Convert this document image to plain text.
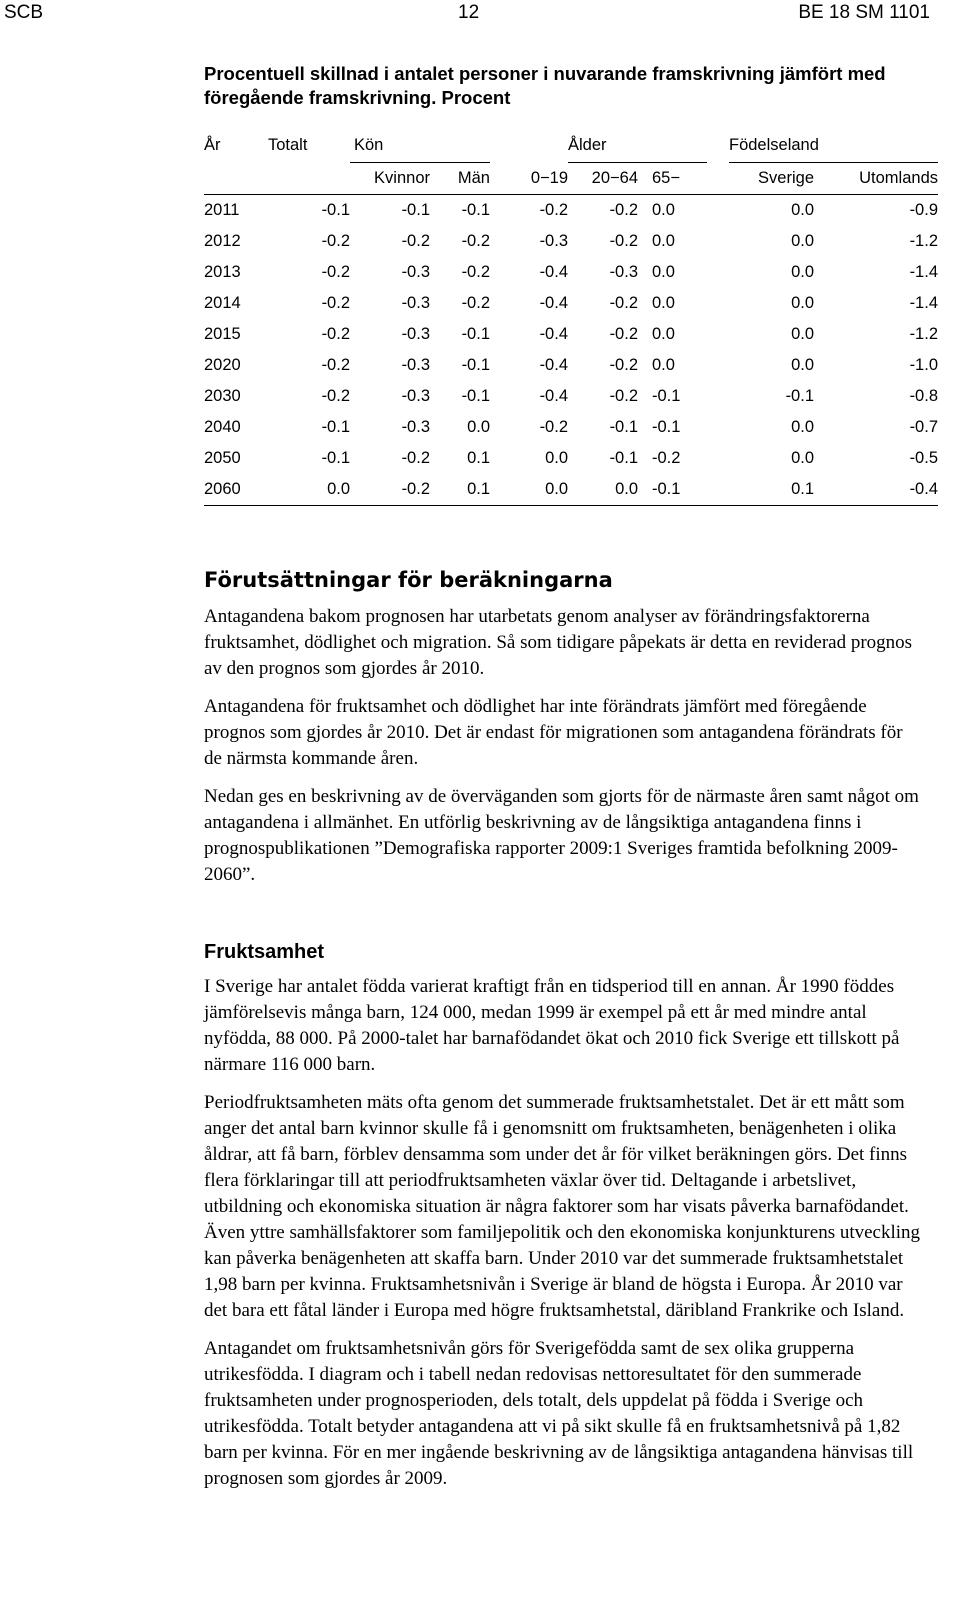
SCB	12	BE 18 SM 1101
Procentuell skillnad i antalet personer i nuvarande framskrivning jämfört med föregående framskrivning. Procent
År	Totalt	Kön			Ålder		Födelseland	
		Kvinnor	Män	0−19	20−64	65−	Sverige	Utomlands
2011	-0.1	-0.1	-0.1	-0.2	-0.2	0.0	0.0	-0.9
2012	-0.2	-0.2	-0.2	-0.3	-0.2	0.0	0.0	-1.2
2013	-0.2	-0.3	-0.2	-0.4	-0.3	0.0	0.0	-1.4
2014	-0.2	-0.3	-0.2	-0.4	-0.2	0.0	0.0	-1.4
2015	-0.2	-0.3	-0.1	-0.4	-0.2	0.0	0.0	-1.2
2020	-0.2	-0.3	-0.1	-0.4	-0.2	0.0	0.0	-1.0
2030	-0.2	-0.3	-0.1	-0.4	-0.2	-0.1	-0.1	-0.8
2040	-0.1	-0.3	0.0	-0.2	-0.1	-0.1	0.0	-0.7
2050	-0.1	-0.2	0.1	0.0	-0.1	-0.2	0.0	-0.5
2060	0.0	-0.2	0.1	0.0	0.0	-0.1	0.1	-0.4
Förutsättningar för beräkningarna

Antagandena bakom prognosen har utarbetats genom analyser av förändringsfaktorerna fruktsamhet, dödlighet och migration. Så som tidigare påpekats är detta en reviderad prognos av den prognos som gjordes år 2010.

Antagandena för fruktsamhet och dödlighet har inte förändrats jämfört med föregående prognos som gjordes år 2010. Det är endast för migrationen som antagandena förändrats för de närmsta kommande åren.

Nedan ges en beskrivning av de överväganden som gjorts för de närmaste åren samt något om antagandena i allmänhet. En utförlig beskrivning av de långsiktiga antagandena finns i prognospublikationen ”Demografiska rapporter 2009:1 Sveriges framtida befolkning 2009-2060”.

Fruktsamhet

I Sverige har antalet födda varierat kraftigt från en tidsperiod till en annan. År 1990 föddes jämförelsevis många barn, 124 000, medan 1999 är exempel på ett år med mindre antal nyfödda, 88 000. På 2000-talet har barnafödandet ökat och 2010 fick Sverige ett tillskott på närmare 116 000 barn.

Periodfruktsamheten mäts ofta genom det summerade fruktsamhetstalet. Det är ett mått som anger det antal barn kvinnor skulle få i genomsnitt om fruktsamheten, benägenheten i olika åldrar, att få barn, förblev densamma som under det år för vilket beräkningen görs. Det finns flera förklaringar till att periodfruktsamheten växlar över tid. Deltagande i arbetslivet, utbildning och ekonomiska situation är några faktorer som har visats påverka barnafödandet. Även yttre samhällsfaktorer som familjepolitik och den ekonomiska konjunkturens utveckling kan påverka benägenheten att skaffa barn. Under 2010 var det summerade fruktsamhetstalet 1,98 barn per kvinna. Fruktsamhetsnivån i Sverige är bland de högsta i Europa. År 2010 var det bara ett fåtal länder i Europa med högre fruktsamhetstal, däribland Frankrike och Island.

Antagandet om fruktsamhetsnivån görs för Sverigefödda samt de sex olika grupperna utrikesfödda. I diagram och i tabell nedan redovisas nettoresultatet för den summerade fruktsamheten under prognosperioden, dels totalt, dels uppdelat på födda i Sverige och utrikesfödda. Totalt betyder antagandena att vi på sikt skulle få en fruktsamhetsnivå på 1,82 barn per kvinna. För en mer ingående beskrivning av de långsiktiga antagandena hänvisas till prognosen som gjordes år 2009.
